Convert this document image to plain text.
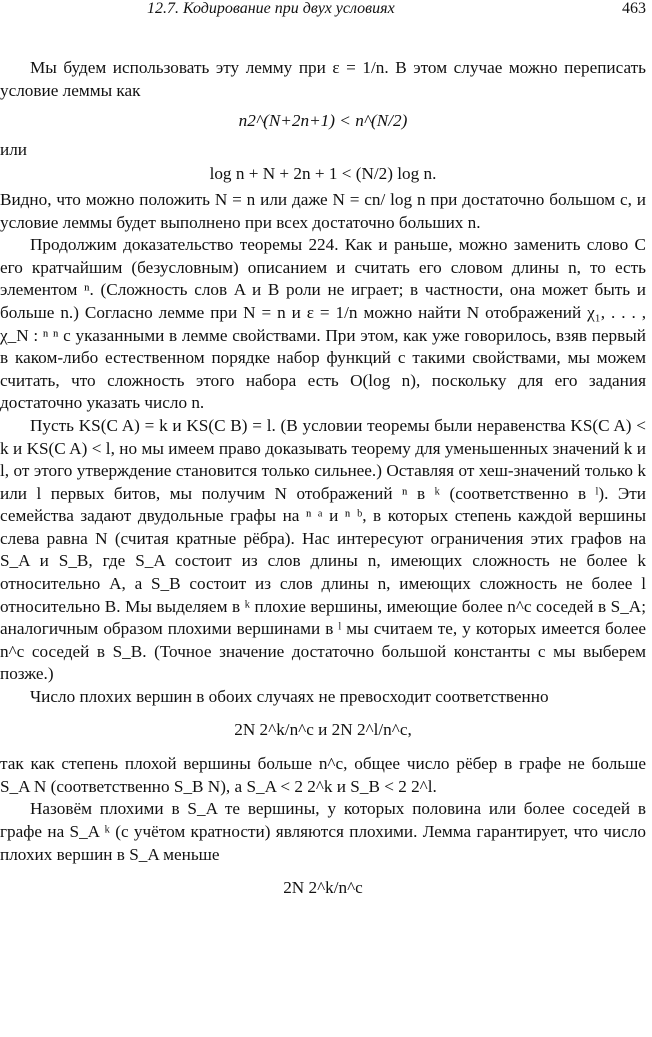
12.7. Кодирование при двух условиях	463

Мы будем использовать эту лемму при ε = 1/n. В этом случае можно переписать условие леммы как

n2^(N+2n+1) < n^(N/2)

или

log n + N + 2n + 1 < (N/2) log n.

Видно, что можно положить N = n или даже N = cn/ log n при достаточно большом c, и условие леммы будет выполнено при всех достаточно больших n.

Продолжим доказательство теоремы 224. Как и раньше, можно заменить слово C его кратчайшим (безусловным) описанием и считать его словом длины n, то есть элементом ⁿ. (Сложность слов A и B роли не играет; в частности, она может быть и больше n.) Согласно лемме при N = n и ε = 1/n можно найти N отображений χ₁, . . . , χ_N : ⁿ ⁿ с указанными в лемме свойствами. При этом, как уже говорилось, взяв первый в каком-либо естественном порядке набор функций с такими свойствами, мы можем считать, что сложность этого набора есть O(log n), поскольку для его задания достаточно указать число n.

Пусть KS(C A) = k и KS(C B) = l. (В условии теоремы были неравенства KS(C A) < k и KS(C A) < l, но мы имеем право доказывать теорему для уменьшенных значений k и l, от этого утверждение становится только сильнее.) Оставляя от хеш-значений только k или l первых битов, мы получим N отображений ⁿ в ᵏ (соответственно в ˡ). Эти семейства задают двудольные графы на ⁿ ᵃ и ⁿ ᵇ, в которых степень каждой вершины слева равна N (считая кратные рёбра). Нас интересуют ограничения этих графов на S_A и S_B, где S_A состоит из слов длины n, имеющих сложность не более k относительно A, а S_B состоит из слов длины n, имеющих сложность не более l относительно B. Мы выделяем в ᵏ плохие вершины, имеющие более n^c соседей в S_A; аналогичным образом плохими вершинами в ˡ мы считаем те, у которых имеется более n^c соседей в S_B. (Точное значение достаточно большой константы c мы выберем позже.)

Число плохих вершин в обоих случаях не превосходит соответственно

2N 2^k/n^c и 2N 2^l/n^c,

так как степень плохой вершины больше n^c, общее число рёбер в графе не больше S_A N (соответственно S_B N), а S_A < 2 2^k и S_B < 2 2^l.

Назовём плохими в S_A те вершины, у которых половина или более соседей в графе на S_A ᵏ (с учётом кратности) являются плохими. Лемма гарантирует, что число плохих вершин в S_A меньше

2N 2^k/n^c
